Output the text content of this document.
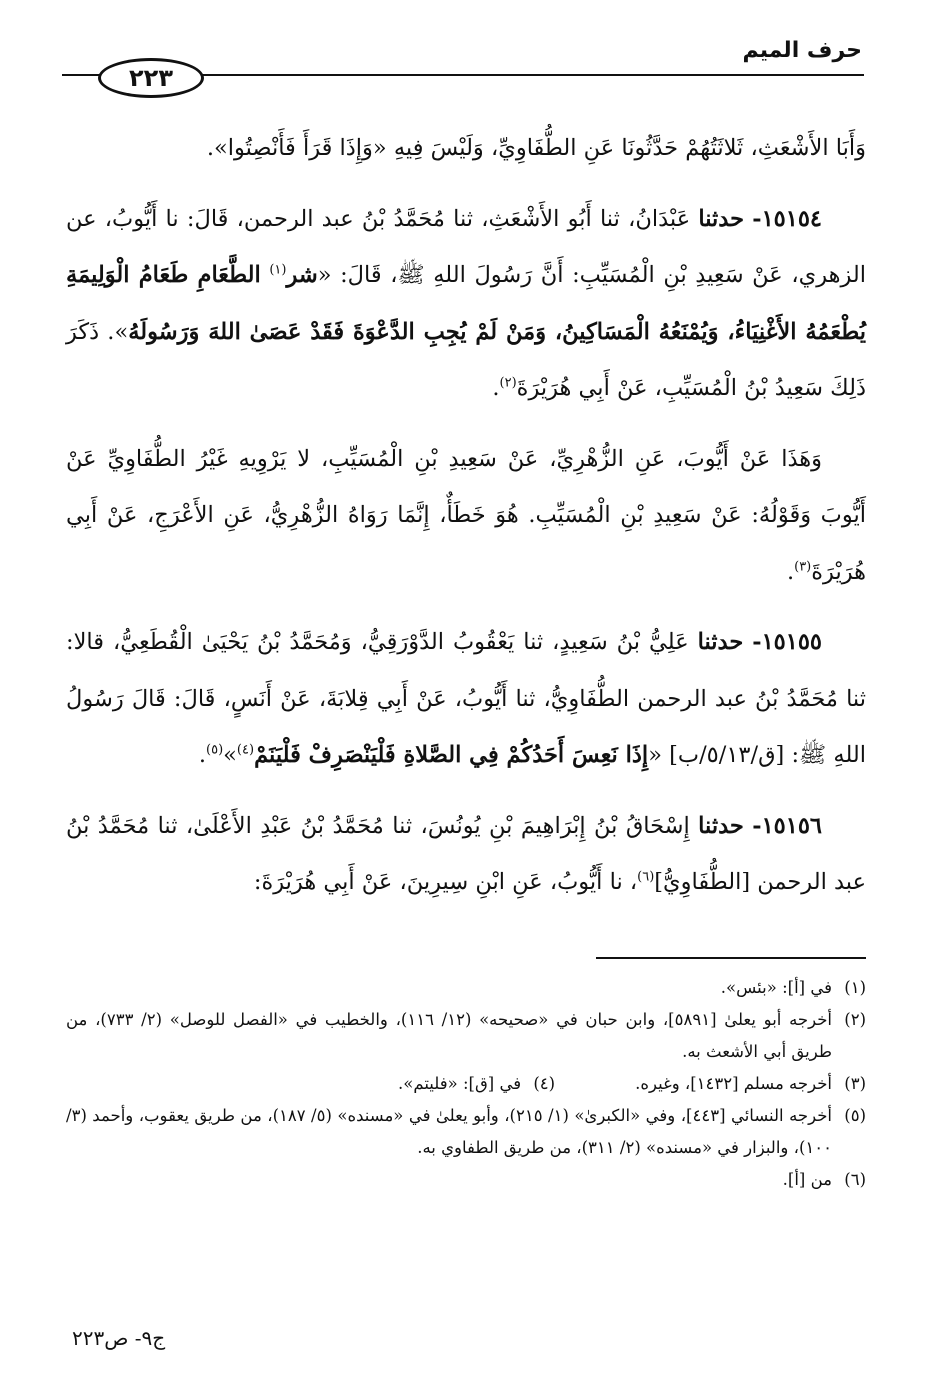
حرف الميم
٢٢٣

وَأَبَا الأَشْعَثِ، ثَلاثَتُهُمْ حَدَّثُونَا عَنِ الطُّفَاوِيِّ، وَلَيْسَ فِيهِ «وَإِذَا قَرَأَ فَأَنْصِتُوا».

١٥١٥٤- حدثنا عَبْدَانُ، ثنا أَبُو الأَشْعَثِ، ثنا مُحَمَّدُ بْنُ عبد الرحمن، قَالَ: نا أَيُّوبُ، عن الزهري، عَنْ سَعِيدِ بْنِ الْمُسَيِّبِ: أَنَّ رَسُولَ اللهِ ﷺ، قَالَ: «شر$^{(١)}$ الطَّعَامِ طَعَامُ الْوَلِيمَةِ يُطْعَمُهُ الأَغْنِيَاءُ، وَيُمْنَعُهُ الْمَسَاكِينُ، وَمَنْ لَمْ يُجِبِ الدَّعْوَةَ فَقَدْ عَصَىٰ اللهَ وَرَسُولَهُ». ذَكَرَ ذَلِكَ سَعِيدُ بْنُ الْمُسَيِّبِ، عَنْ أَبِي هُرَيْرَةَ$^{(٢)}$.

وَهَذَا عَنْ أَيُّوبَ، عَنِ الزُّهْرِيِّ، عَنْ سَعِيدِ بْنِ الْمُسَيِّبِ، لا يَرْوِيهِ غَيْرُ الطُّفَاوِيِّ عَنْ أَيُّوبَ وَقَوْلُهُ: عَنْ سَعِيدِ بْنِ الْمُسَيِّبِ. هُوَ خَطَأٌ، إِنَّمَا رَوَاهُ الزُّهْرِيُّ، عَنِ الأَعْرَجِ، عَنْ أَبِي هُرَيْرَةَ$^{(٣)}$.

١٥١٥٥- حدثنا عَلِيُّ بْنُ سَعِيدٍ، ثنا يَعْقُوبُ الدَّوْرَقِيُّ، وَمُحَمَّدُ بْنُ يَحْيَىٰ الْقُطَعِيُّ، قالا: ثنا مُحَمَّدُ بْنُ عبد الرحمن الطُّفَاوِيُّ، ثنا أَيُّوبُ، عَنْ أَبِي قِلابَةَ، عَنْ أَنَسٍ، قَالَ: قَالَ رَسُولُ اللهِ ﷺ: [ق/٥/١٣/ب] «إِذَا نَعِسَ أَحَدُكُمْ فِي الصَّلاةِ فَلْيَنْصَرِفْ فَلْيَنَمْ$^{(٤)}$»$^{(٥)}$.

١٥١٥٦- حدثنا إِسْحَاقُ بْنُ إِبْرَاهِيمَ بْنِ يُونُسَ، ثنا مُحَمَّدُ بْنُ عَبْدِ الأَعْلَىٰ، ثنا مُحَمَّدُ بْنُ عبد الرحمن [الطُّفَاوِيُّ]$^{(٦)}$، نا أَيُّوبُ، عَنِ ابْنِ سِيرِينَ، عَنْ أَبِي هُرَيْرَةَ:

(١)
في [أ]: «بئس».

(٢)
أخرجه أبو يعلىٰ [٥٨٩١]، وابن حبان في «صحيحه» (١٢/ ١١٦)، والخطيب في «الفصل للوصل» (٢/ ٧٣٣)، من طريق أبي الأشعث به.

(٣)
أخرجه مسلم [١٤٣٢]، وغيره.

(٤)
في [ق]: «فليتم».

(٥)
أخرجه النسائي [٤٤٣]، وفي «الكبرىٰ» (١/ ٢١٥)، وأبو يعلىٰ في «مسنده» (٥/ ١٨٧)، من طريق يعقوب، وأحمد (٣/ ١٠٠)، والبزار في «مسنده» (٢/ ٣١١)، من طريق الطفاوي به.

(٦)
من [أ].

ج٩- ص٢٢٣
